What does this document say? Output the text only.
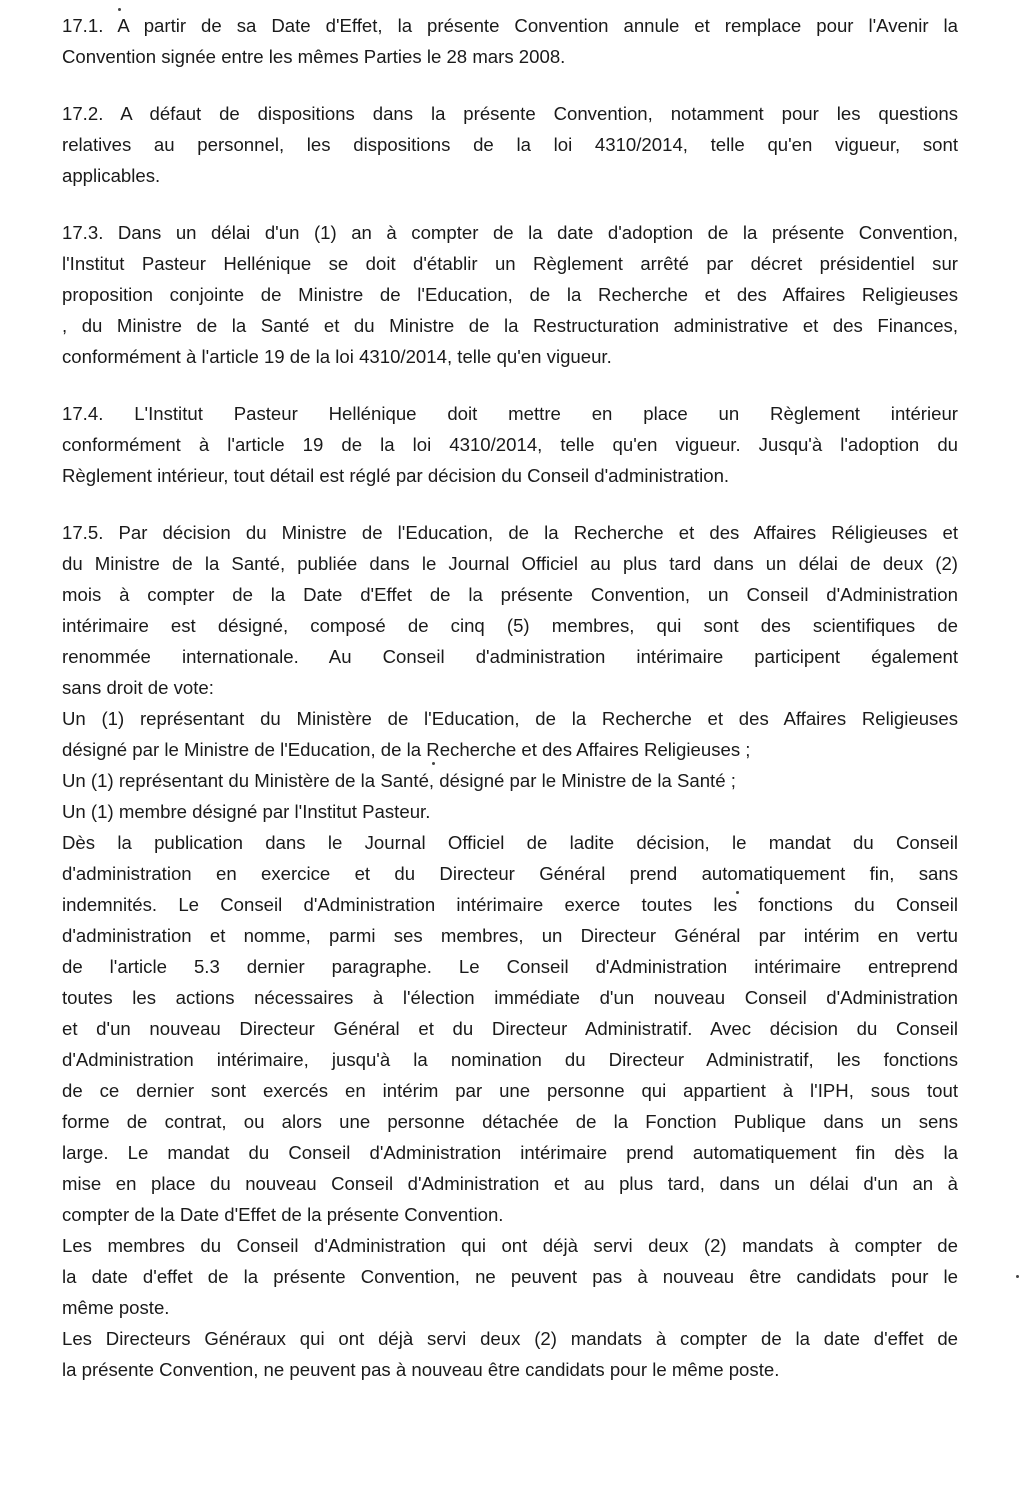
17.1. A partir de sa Date d'Effet, la présente Convention annule et remplace pour l'Avenir la
Convention signée entre les mêmes Parties le 28 mars 2008.
17.2. A défaut de dispositions dans la présente Convention, notamment pour les questions
relatives au personnel, les dispositions de la loi 4310/2014, telle qu'en vigueur, sont
applicables.
17.3. Dans un délai d'un (1) an à compter de la date d'adoption de la présente Convention,
l'Institut Pasteur Hellénique se doit d'établir un Règlement arrêté par décret présidentiel sur
proposition conjointe de Ministre de l'Education, de la Recherche et des Affaires Religieuses
, du Ministre de la Santé et du Ministre de la Restructuration administrative et des Finances,
conformément à l'article 19 de la loi 4310/2014, telle qu'en vigueur.
17.4. L'Institut Pasteur Hellénique doit mettre en place un Règlement intérieur
conformément à l'article 19 de la loi 4310/2014, telle qu'en vigueur. Jusqu'à l'adoption du
Règlement intérieur, tout détail est réglé par décision du Conseil d'administration.
17.5. Par décision du Ministre de l'Education, de la Recherche et des Affaires Réligieuses et
du Ministre de la Santé, publiée dans le Journal Officiel au plus tard dans un délai de deux (2)
mois à compter de la Date d'Effet de la présente Convention, un Conseil d'Administration
intérimaire est désigné, composé de cinq (5) membres, qui sont des scientifiques de
renommée internationale. Au Conseil d'administration intérimaire participent également
sans droit de vote:
Un (1) représentant du Ministère de l'Education, de la Recherche et des Affaires Religieuses
désigné par le Ministre de l'Education, de la Recherche et des Affaires Religieuses ;
Un (1) représentant du Ministère de la Santé, désigné par le Ministre de la Santé ;
Un (1) membre désigné par l'Institut Pasteur.
Dès la publication dans le Journal Officiel de ladite décision, le mandat du Conseil
d'administration en exercice et du Directeur Général prend automatiquement fin, sans
indemnités. Le Conseil d'Administration intérimaire exerce toutes les fonctions du Conseil
d'administration et nomme, parmi ses membres, un Directeur Général par intérim en vertu
de l'article 5.3 dernier paragraphe. Le Conseil d'Administration intérimaire entreprend
toutes les actions nécessaires à l'élection immédiate d'un nouveau Conseil d'Administration
et d'un nouveau Directeur Général et du Directeur Administratif. Avec décision du Conseil
d'Administration intérimaire, jusqu'à la nomination du Directeur Administratif, les fonctions
de ce dernier sont exercés en intérim par une personne qui appartient à l'IPH, sous tout
forme de contrat, ou alors une personne détachée de la Fonction Publique dans un sens
large. Le mandat du Conseil d'Administration intérimaire prend automatiquement fin dès la
mise en place du nouveau Conseil d'Administration et au plus tard, dans un délai d'un an à
compter de la Date d'Effet de la présente Convention.
Les membres du Conseil d'Administration qui ont déjà servi deux (2) mandats à compter de
la date d'effet de la présente Convention, ne peuvent pas à nouveau être candidats pour le
même poste.
Les Directeurs Généraux qui ont déjà servi deux (2) mandats à compter de la date d'effet de
la présente Convention, ne peuvent pas à nouveau être candidats pour le même poste.
